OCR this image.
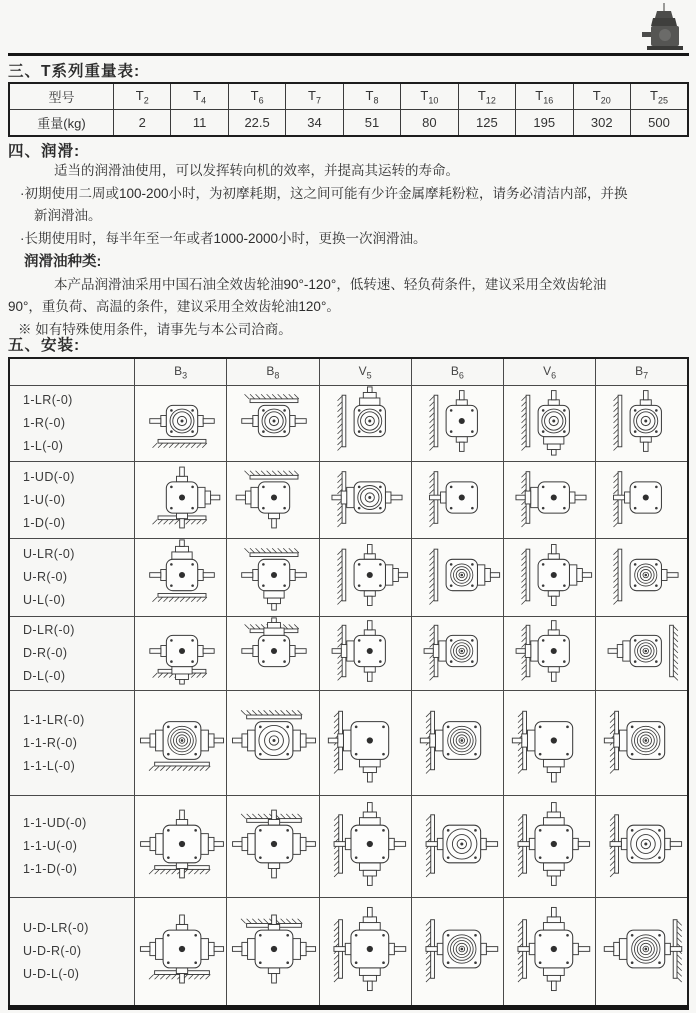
三、T系列重量表:
型号	$T_2$	$T_4$	$T_6$	$T_7$	$T_8$	$T_{10}$	$T_{12}$	$T_{16}$	$T_{20}$	$T_{25}$
重量(kg)	2	11	22.5	34	51	80	125	195	302	500
四、润滑:
适当的润滑油使用，可以发挥转向机的效率，并提高其运转的寿命。
·初期使用二周或100-200小时，为初摩耗期，这之间可能有少许金属摩耗粉粒，请务必清洁内部，并换
新润滑油。
·长期使用时，每半年至一年或者1000-2000小时，更换一次润滑油。
润滑油种类:
本产品润滑油采用中国石油全效齿轮油90°-120°，低转速、轻负荷条件，建议采用全效齿轮油
90°，重负荷、高温的条件，建议采用全效齿轮油120°。
※ 如有特殊使用条件，请事先与本公司洽商。
五、安装:
	$B_3$	$B_8$	$V_5$	$B_6$	$V_6$	$B_7$

1-LR(-0)
1-R(-0)
1-L(-0)

1-UD(-0)
1-U(-0)
1-D(-0)

U-LR(-0)
U-R(-0)
U-L(-0)

D-LR(-0)
D-R(-0)
D-L(-0)

1-1-LR(-0)
1-1-R(-0)
1-1-L(-0)

1-1-UD(-0)
1-1-U(-0)
1-1-D(-0)

U-D-LR(-0)
U-D-R(-0)
U-D-L(-0)
